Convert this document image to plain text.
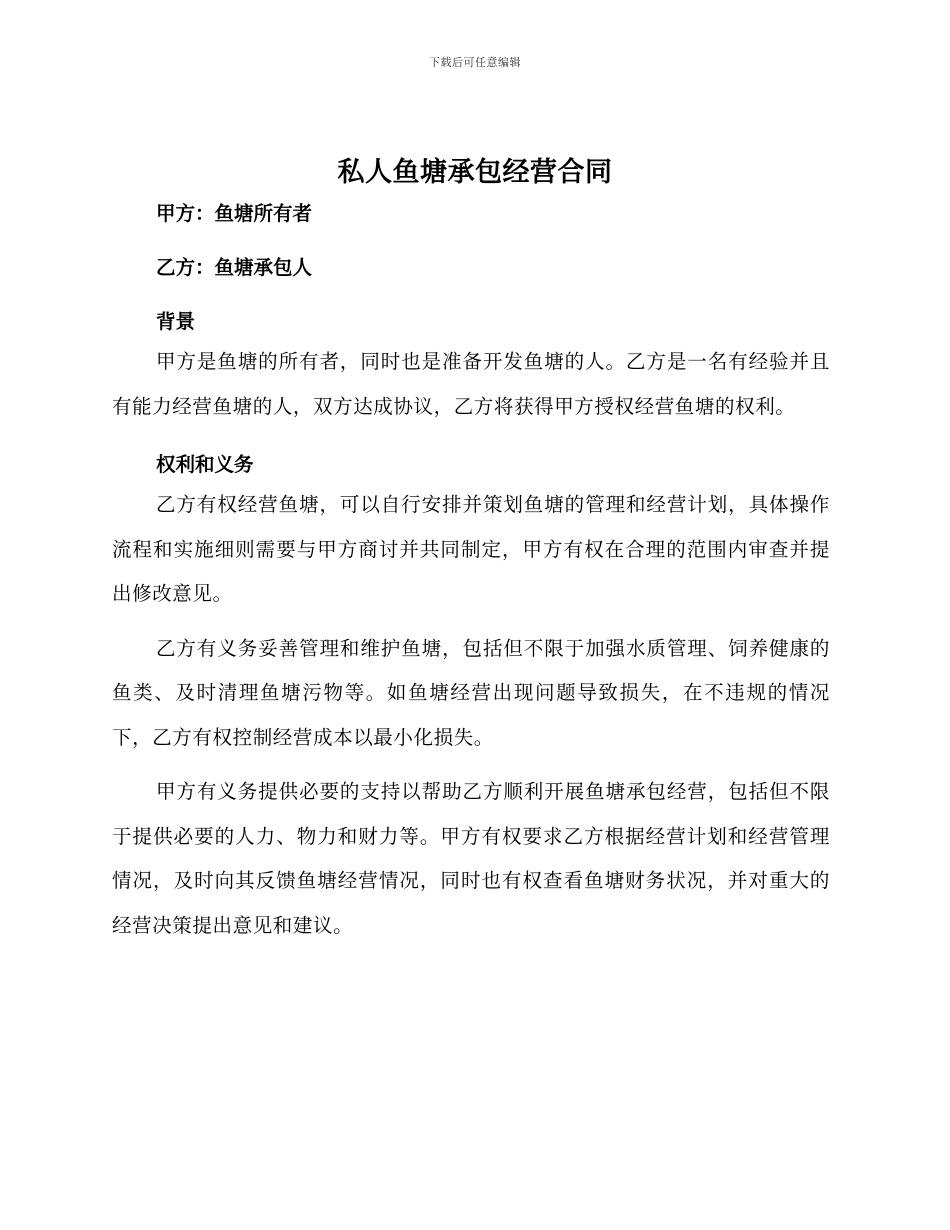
下载后可任意编辑
私人鱼塘承包经营合同

甲方：鱼塘所有者

乙方：鱼塘承包人

背景

甲方是鱼塘的所有者，同时也是准备开发鱼塘的人。乙方是一名有经验并且有能力经营鱼塘的人，双方达成协议，乙方将获得甲方授权经营鱼塘的权利。

权利和义务

乙方有权经营鱼塘，可以自行安排并策划鱼塘的管理和经营计划，具体操作流程和实施细则需要与甲方商讨并共同制定，甲方有权在合理的范围内审查并提出修改意见。

乙方有义务妥善管理和维护鱼塘，包括但不限于加强水质管理、饲养健康的鱼类、及时清理鱼塘污物等。如鱼塘经营出现问题导致损失，在不违规的情况下，乙方有权控制经营成本以最小化损失。

甲方有义务提供必要的支持以帮助乙方顺利开展鱼塘承包经营，包括但不限于提供必要的人力、物力和财力等。甲方有权要求乙方根据经营计划和经营管理情况，及时向其反馈鱼塘经营情况，同时也有权查看鱼塘财务状况，并对重大的经营决策提出意见和建议。
